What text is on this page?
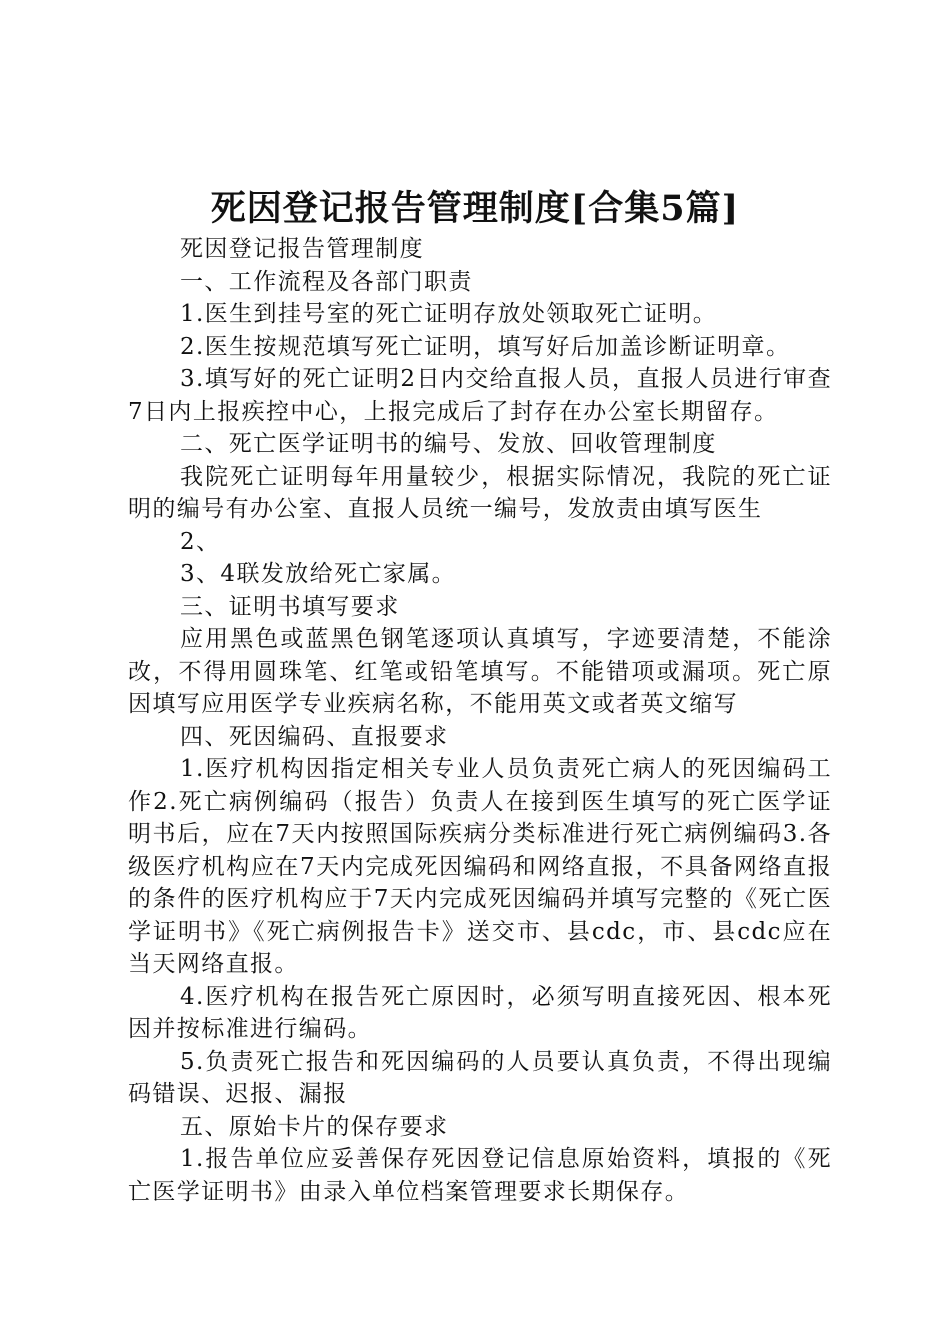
死因登记报告管理制度[合集5篇]

死因登记报告管理制度

一、工作流程及各部门职责

1.医生到挂号室的死亡证明存放处领取死亡证明。

2.医生按规范填写死亡证明，填写好后加盖诊断证明章。

3.填写好的死亡证明2日内交给直报人员，直报人员进行审查7日内上报疾控中心，上报完成后了封存在办公室长期留存。

二、死亡医学证明书的编号、发放、回收管理制度

我院死亡证明每年用量较少，根据实际情况，我院的死亡证明的编号有办公室、直报人员统一编号，发放责由填写医生

2、

3、4联发放给死亡家属。

三、证明书填写要求

应用黑色或蓝黑色钢笔逐项认真填写，字迹要清楚，不能涂改，不得用圆珠笔、红笔或铅笔填写。不能错项或漏项。死亡原因填写应用医学专业疾病名称，不能用英文或者英文缩写

四、死因编码、直报要求

1.医疗机构因指定相关专业人员负责死亡病人的死因编码工作2.死亡病例编码（报告）负责人在接到医生填写的死亡医学证明书后，应在7天内按照国际疾病分类标准进行死亡病例编码3.各级医疗机构应在7天内完成死因编码和网络直报，不具备网络直报的条件的医疗机构应于7天内完成死因编码并填写完整的《死亡医学证明书》《死亡病例报告卡》送交市、县cdc，市、县cdc应在当天网络直报。

4.医疗机构在报告死亡原因时，必须写明直接死因、根本死因并按标准进行编码。

5.负责死亡报告和死因编码的人员要认真负责，不得出现编码错误、迟报、漏报

五、原始卡片的保存要求

1.报告单位应妥善保存死因登记信息原始资料，填报的《死亡医学证明书》由录入单位档案管理要求长期保存。
